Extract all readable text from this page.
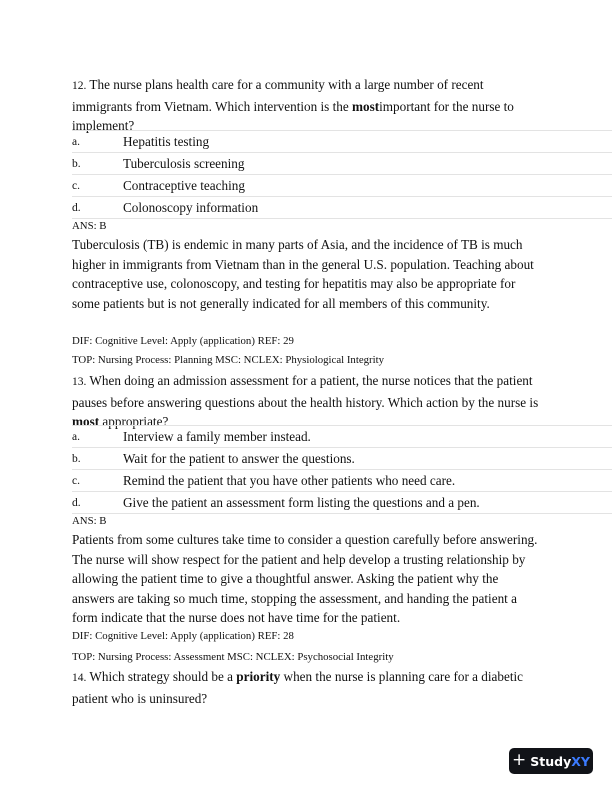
12. The nurse plans health care for a community with a large number of recent immigrants from Vietnam. Which intervention is the mostimportant for the nurse to implement?

a.	Hepatitis testing
b.	Tuberculosis screening
c.	Contraceptive teaching
d.	Colonoscopy information

ANS: B

Tuberculosis (TB) is endemic in many parts of Asia, and the incidence of TB is much higher in immigrants from Vietnam than in the general U.S. population. Teaching about contraceptive use, colonoscopy, and testing for hepatitis may also be appropriate for some patients but is not generally indicated for all members of this community.

DIF: Cognitive Level: Apply (application) REF: 29

TOP: Nursing Process: Planning MSC: NCLEX: Physiological Integrity

13. When doing an admission assessment for a patient, the nurse notices that the patient pauses before answering questions about the health history. Which action by the nurse is most appropriate?

a.	Interview a family member instead.
b.	Wait for the patient to answer the questions.
c.	Remind the patient that you have other patients who need care.
d.	Give the patient an assessment form listing the questions and a pen.

ANS: B

Patients from some cultures take time to consider a question carefully before answering. The nurse will show respect for the patient and help develop a trusting relationship by allowing the patient time to give a thoughtful answer. Asking the patient why the answers are taking so much time, stopping the assessment, and handing the patient a form indicate that the nurse does not have time for the patient.

DIF: Cognitive Level: Apply (application) REF: 28

TOP: Nursing Process: Assessment MSC: NCLEX: Psychosocial Integrity

14. Which strategy should be a priority when the nurse is planning care for a diabetic patient who is uninsured?

+ StudyXY
